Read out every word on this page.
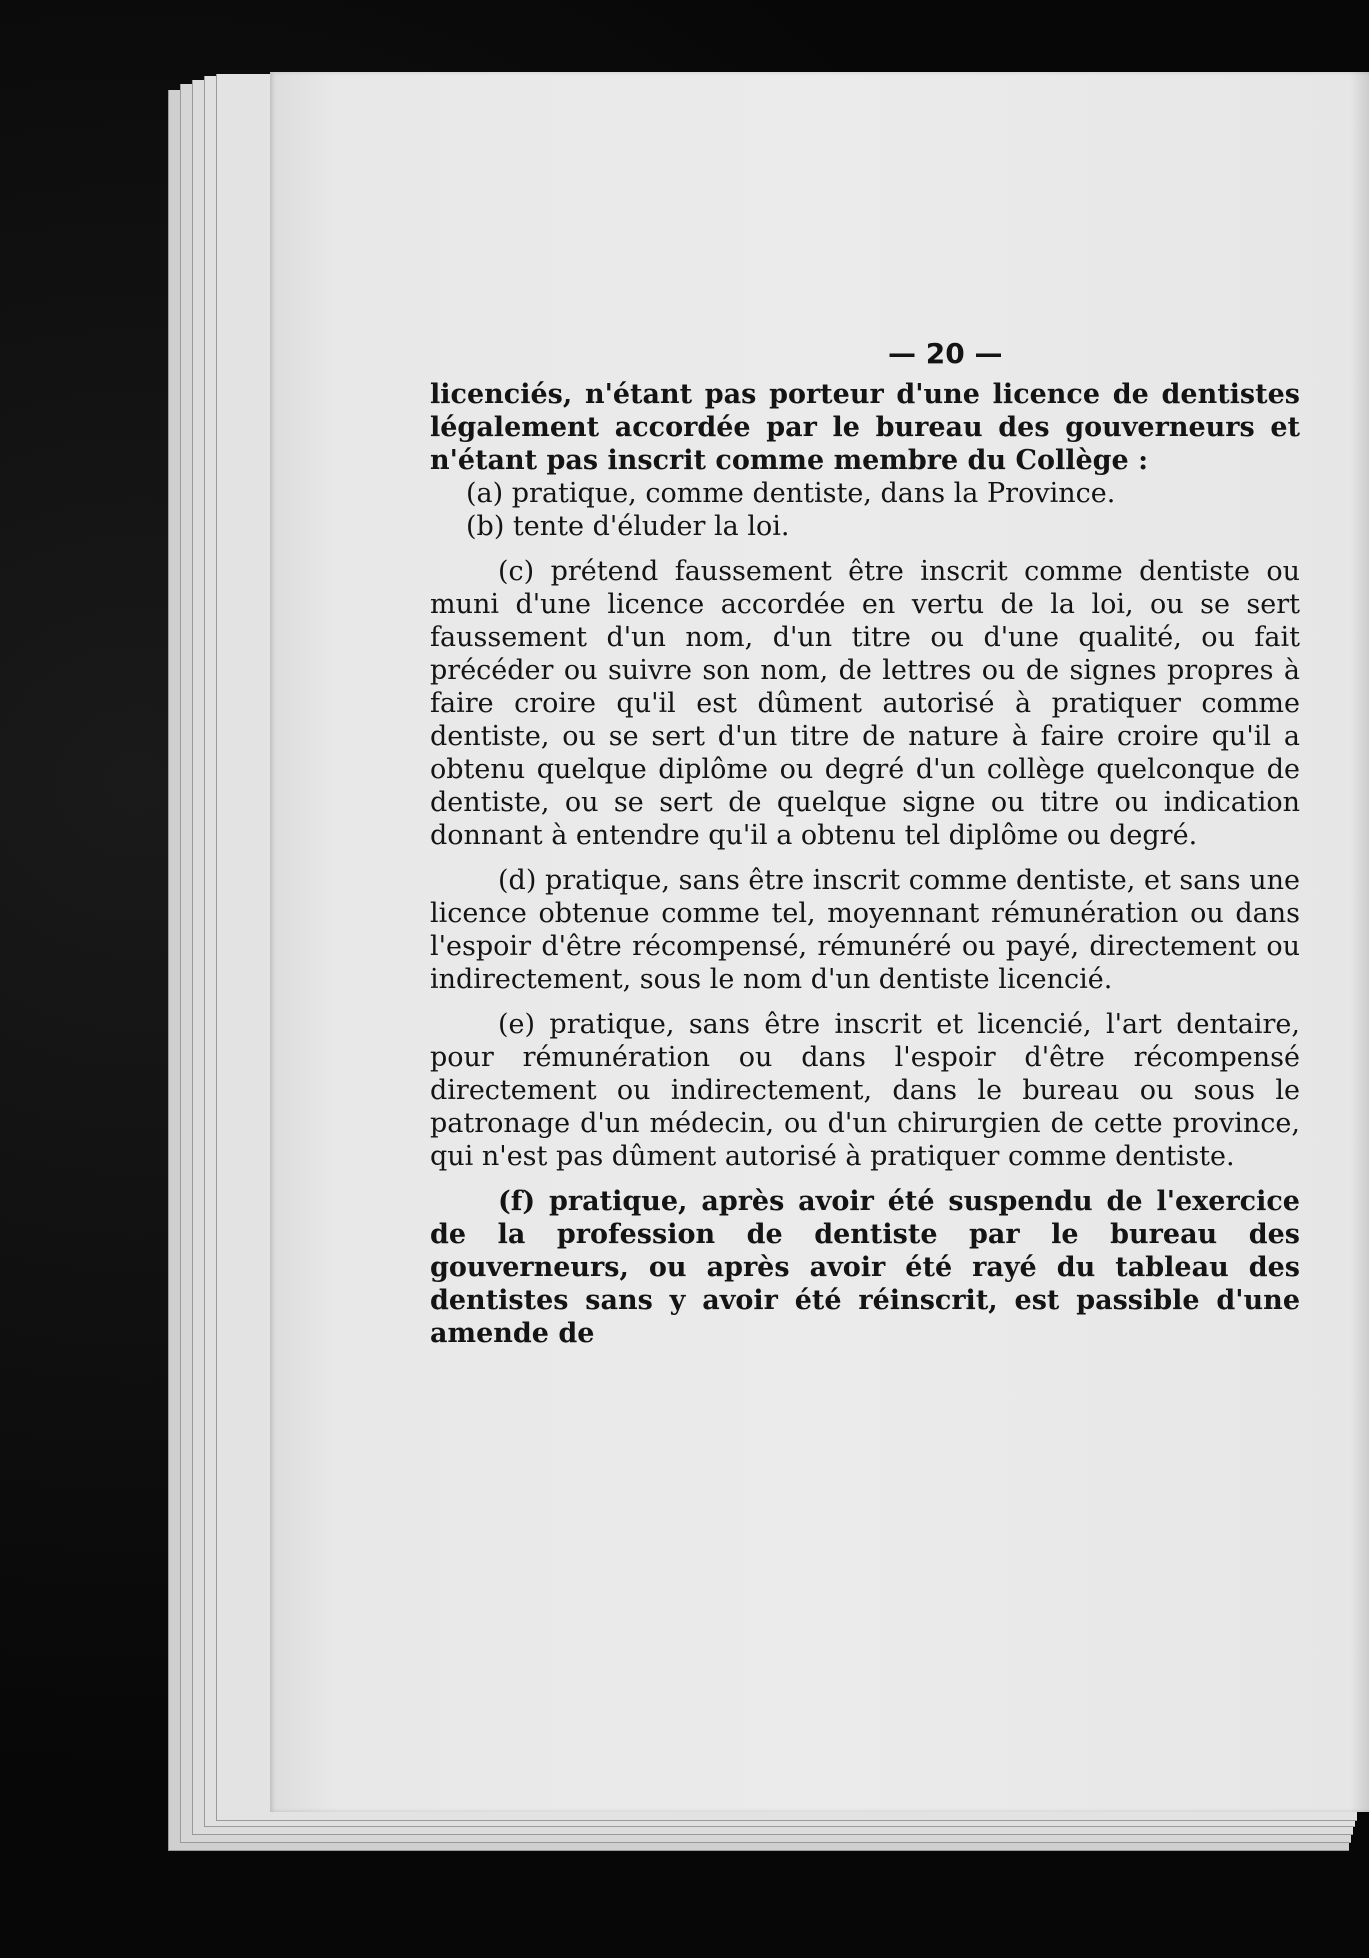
— 20 —

licenciés, n'étant pas porteur d'une licence de dentistes légalement accordée par le bureau des gouverneurs et n'étant pas inscrit comme membre du Collège :

(a) pratique, comme dentiste, dans la Province.

(b) tente d'éluder la loi.

(c) prétend faussement être inscrit comme dentiste ou muni d'une licence accordée en vertu de la loi, ou se sert faussement d'un nom, d'un titre ou d'une qualité, ou fait précéder ou suivre son nom, de lettres ou de signes propres à faire croire qu'il est dûment autorisé à pratiquer comme dentiste, ou se sert d'un titre de nature à faire croire qu'il a obtenu quelque diplôme ou degré d'un collège quelconque de dentiste, ou se sert de quelque signe ou titre ou indication donnant à entendre qu'il a obtenu tel diplôme ou degré.

(d) pratique, sans être inscrit comme dentiste, et sans une licence obtenue comme tel, moyennant rémunération ou dans l'espoir d'être récompensé, rémunéré ou payé, directement ou indirectement, sous le nom d'un dentiste licencié.

(e) pratique, sans être inscrit et licencié, l'art dentaire, pour rémunération ou dans l'espoir d'être récompensé directement ou indirectement, dans le bureau ou sous le patronage d'un médecin, ou d'un chirurgien de cette province, qui n'est pas dûment autorisé à pratiquer comme dentiste.

(f) pratique, après avoir été suspendu de l'exercice de la profession de dentiste par le bureau des gouverneurs, ou après avoir été rayé du tableau des dentistes sans y avoir été réinscrit, est passible d'une amende de
